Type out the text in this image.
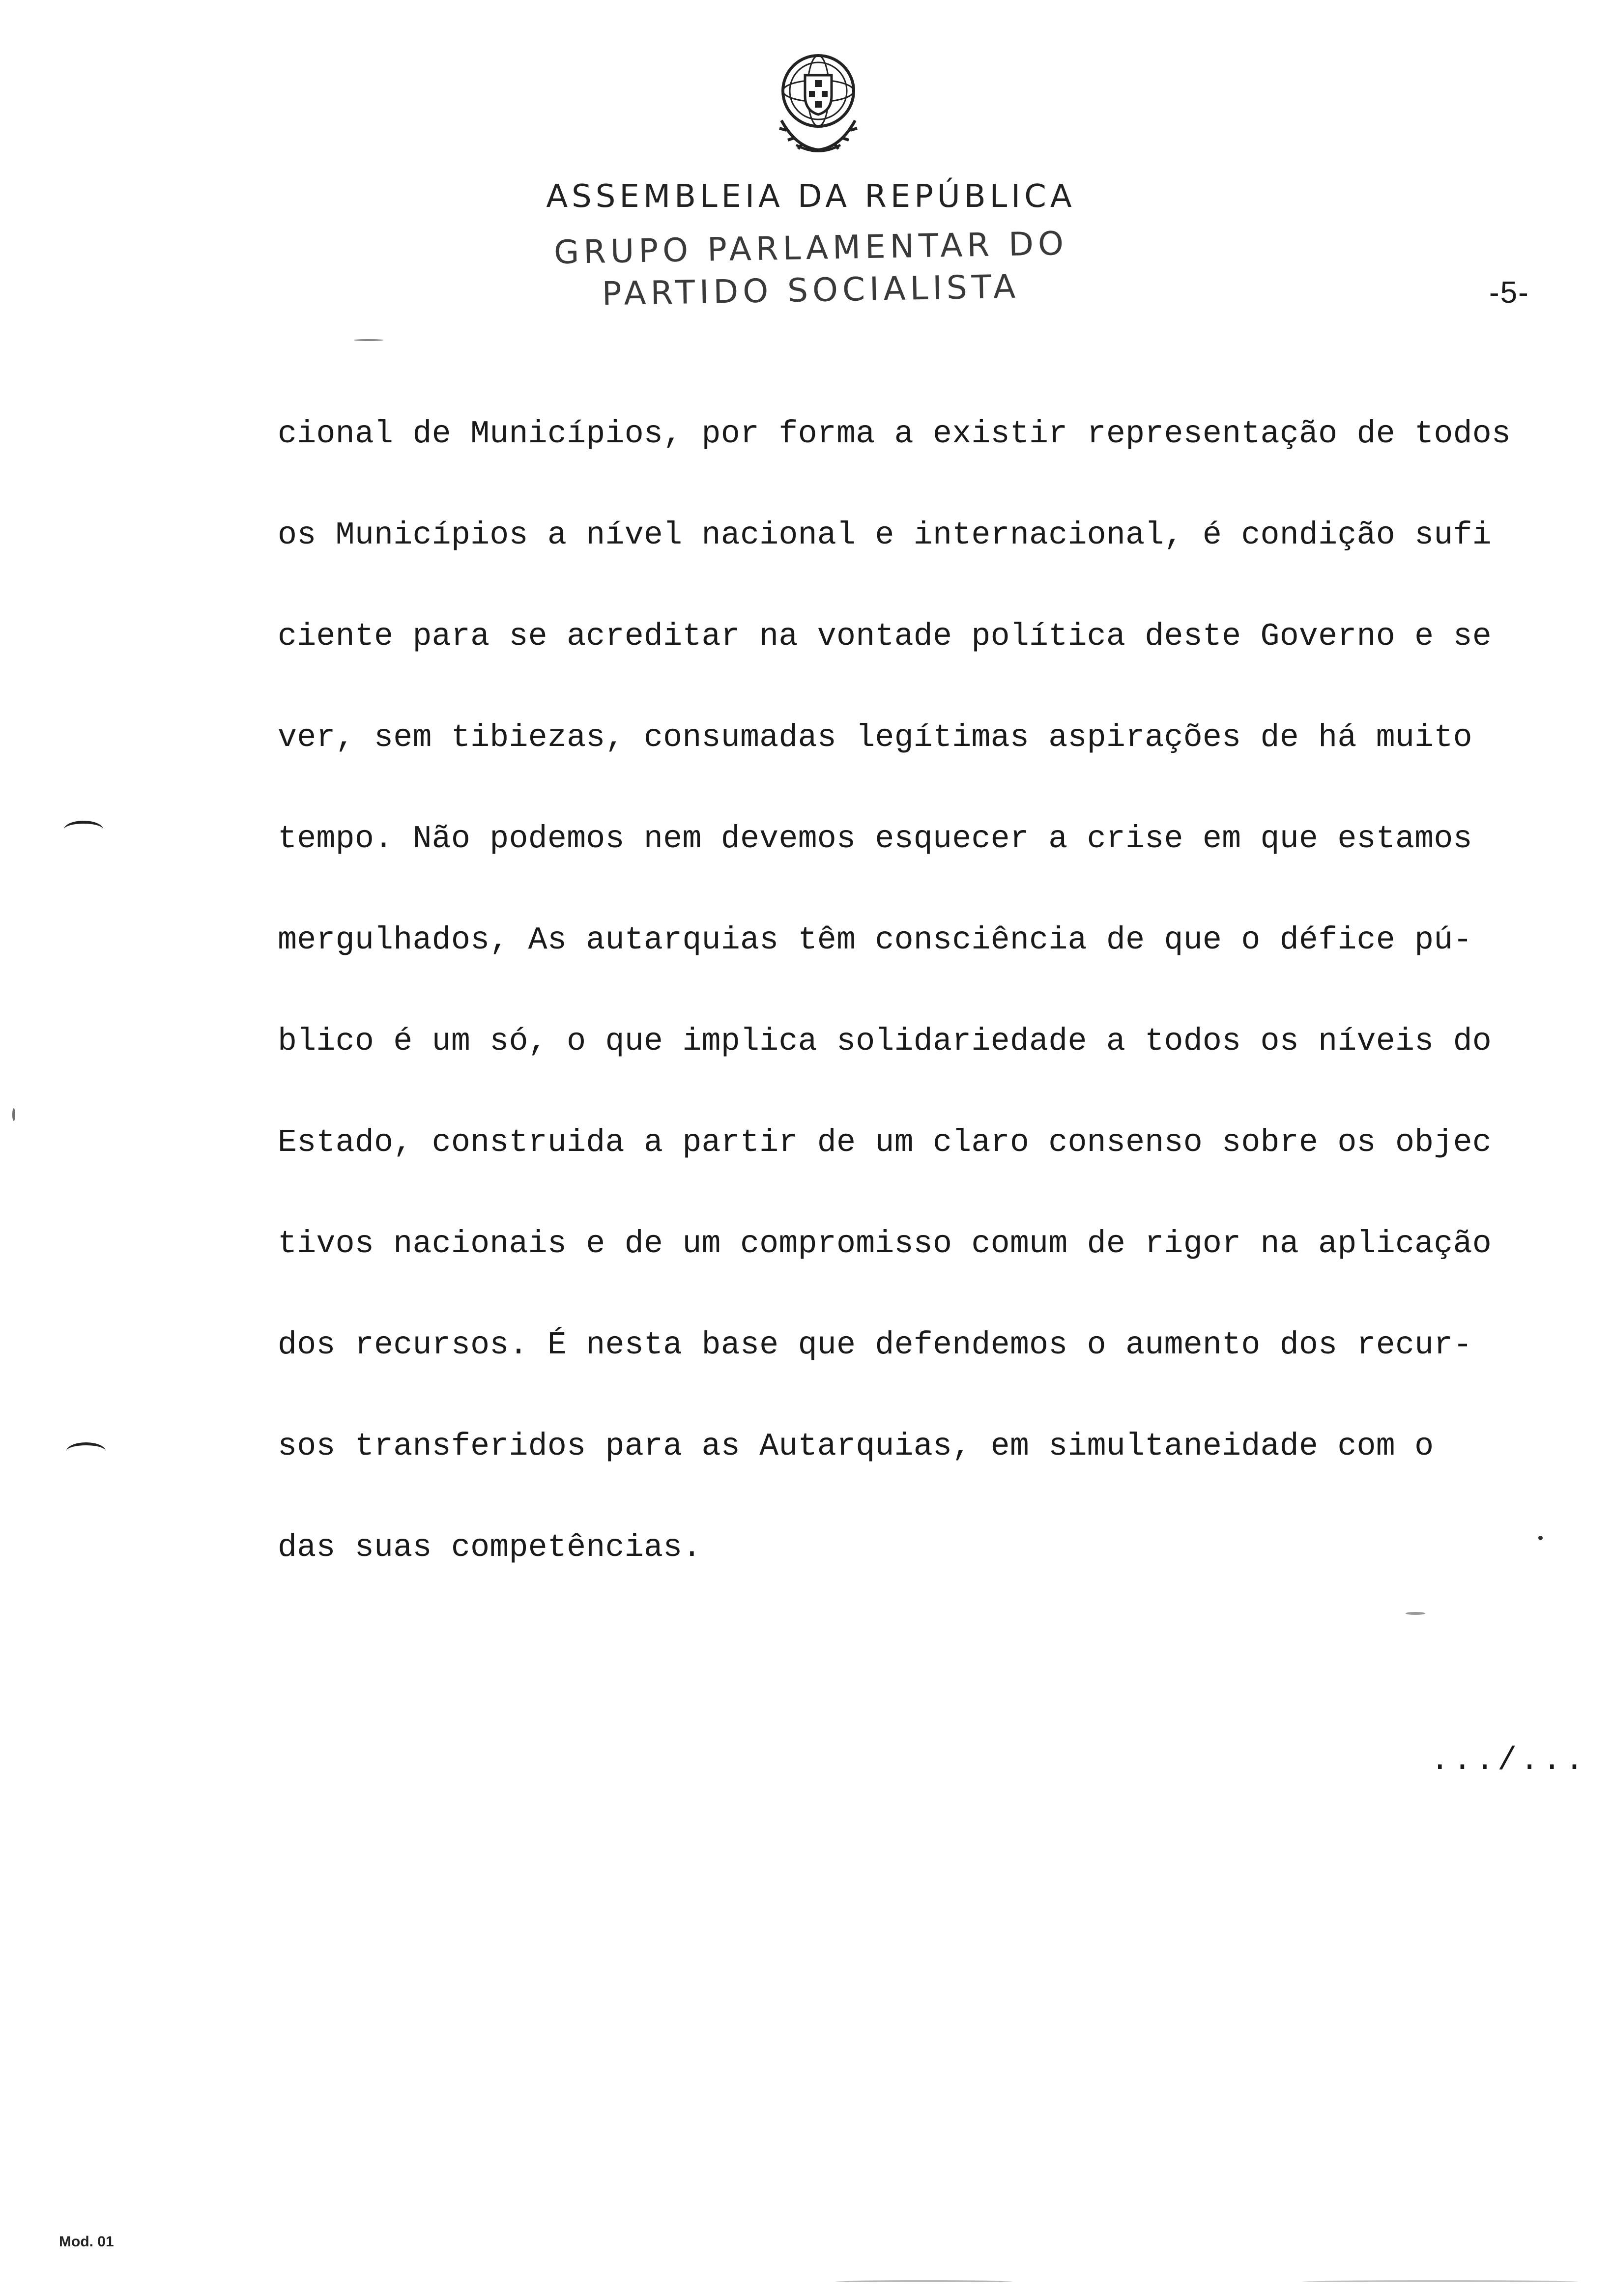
ASSEMBLEIA DA REPÚBLICA

GRUPO PARLAMENTAR DO

PARTIDO SOCIALISTA	-5-
cional de Municípios, por forma a existir representação de todos
os Municípios a nível nacional e internacional, é condição sufi
ciente para se acreditar na vontade política deste Governo e se
ver, sem tibiezas, consumadas legítimas aspirações de há muito
tempo. Não podemos nem devemos esquecer a crise em que estamos
mergulhados, As autarquias têm consciência de que o défice pú-
blico é um só, o que implica solidariedade a todos os níveis do
Estado, construida a partir de um claro consenso sobre os objec
tivos nacionais e de um compromisso comum de rigor na aplicação
dos recursos. É nesta base que defendemos o aumento dos recur-
sos transferidos para as Autarquias, em simultaneidade com o
das suas competências.
.../...
Mod. 01
